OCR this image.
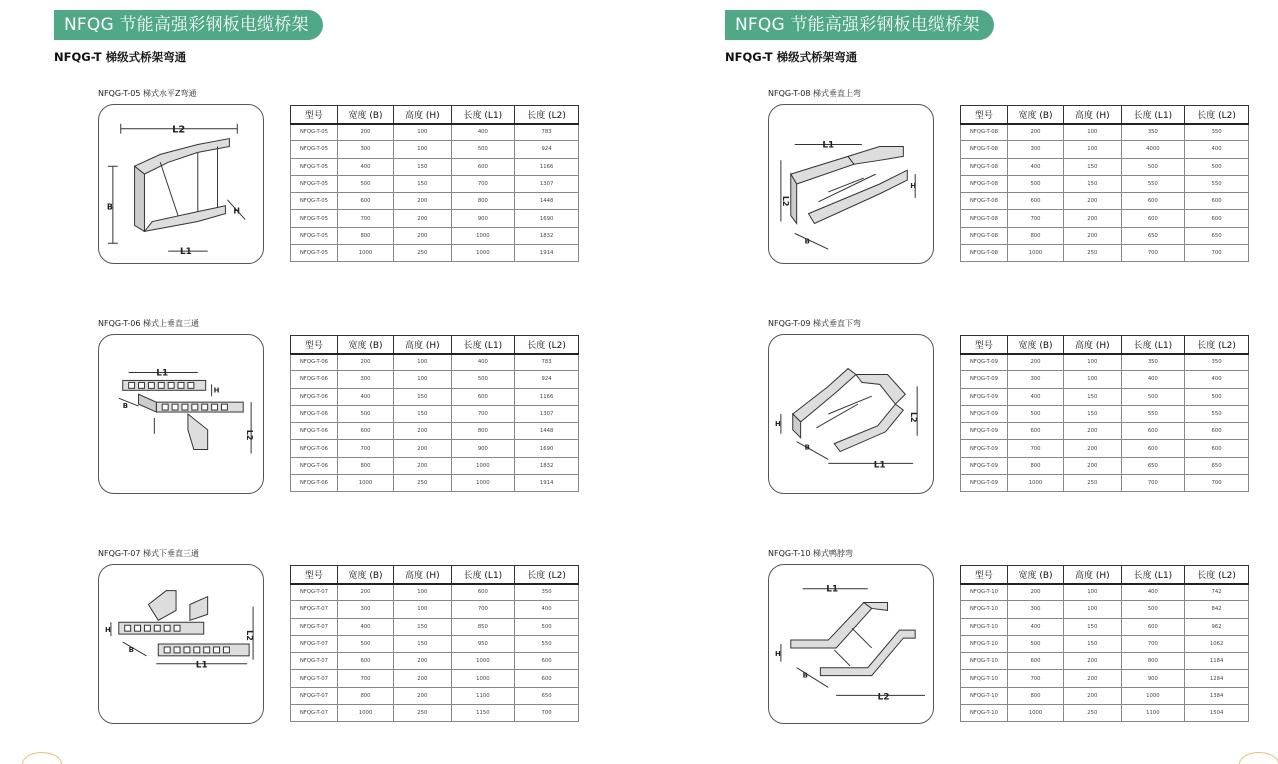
NFQG 节能高强彩钢板电缆桥架
NFQG-T 梯级式桥架弯通
NFQG-T-05 梯式水平Z弯通
L2
B	H
L1
型号	宽度 (B)	高度 (H)	长度 (L1)	长度 (L2)
NFQG-T-05	200	100	400	783
NFQG-T-05	300	100	500	924
NFQG-T-05	400	150	600	1166
NFQG-T-05	500	150	700	1307
NFQG-T-05	600	200	800	1448
NFQG-T-05	700	200	900	1690
NFQG-T-05	800	200	1000	1832
NFQG-T-05	1000	250	1000	1914
NFQG-T-06 梯式上垂直三通
L1
H
B
L2
型号	宽度 (B)	高度 (H)	长度 (L1)	长度 (L2)
NFQG-T-06	200	100	400	783
NFQG-T-06	300	100	500	924
NFQG-T-06	400	150	600	1166
NFQG-T-06	500	150	700	1307
NFQG-T-06	600	200	800	1448
NFQG-T-06	700	200	900	1690
NFQG-T-06	800	200	1000	1832
NFQG-T-06	1000	250	1000	1914
NFQG-T-07 梯式下垂直三通
H
B
L1
L2
型号	宽度 (B)	高度 (H)	长度 (L1)	长度 (L2)
NFQG-T-07	200	100	600	350
NFQG-T-07	300	100	700	400
NFQG-T-07	400	150	850	500
NFQG-T-07	500	150	950	550
NFQG-T-07	600	200	1000	600
NFQG-T-07	700	200	1000	600
NFQG-T-07	800	200	1100	650
NFQG-T-07	1000	250	1150	700
NFQG 节能高强彩钢板电缆桥架
NFQG-T 梯级式桥架弯通
NFQG-T-08 梯式垂直上弯
L1
L2
H
B
型号	宽度 (B)	高度 (H)	长度 (L1)	长度 (L2)
NFQG-T-08	200	100	350	350
NFQG-T-08	300	100	4000	400
NFQG-T-08	400	150	500	500
NFQG-T-08	500	150	550	550
NFQG-T-08	600	200	600	600
NFQG-T-08	700	200	600	600
NFQG-T-08	800	200	650	650
NFQG-T-08	1000	250	700	700
NFQG-T-09 梯式垂直下弯
H
B
L1
L2
型号	宽度 (B)	高度 (H)	长度 (L1)	长度 (L2)
NFQG-T-09	200	100	350	350
NFQG-T-09	300	100	400	400
NFQG-T-09	400	150	500	500
NFQG-T-09	500	150	550	550
NFQG-T-09	600	200	600	600
NFQG-T-09	700	200	600	600
NFQG-T-09	800	200	650	650
NFQG-T-09	1000	250	700	700
NFQG-T-10 梯式鸭脖弯
L1
H
B
L2
型号	宽度 (B)	高度 (H)	长度 (L1)	长度 (L2)
NFQG-T-10	200	100	400	742
NFQG-T-10	300	100	500	842
NFQG-T-10	400	150	600	962
NFQG-T-10	500	150	700	1062
NFQG-T-10	600	200	800	1184
NFQG-T-10	700	200	900	1284
NFQG-T-10	800	200	1000	1384
NFQG-T-10	1000	250	1100	1504
